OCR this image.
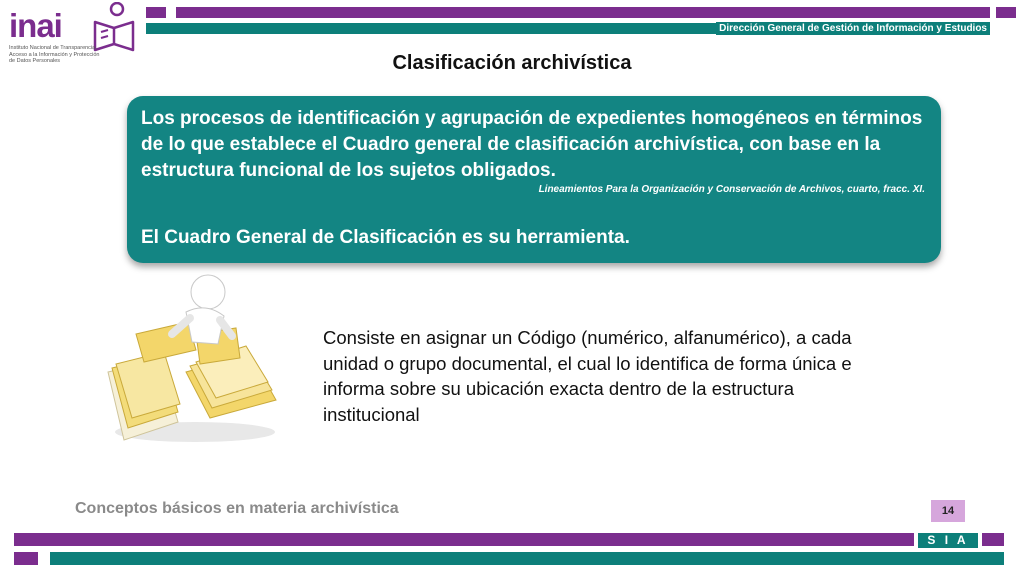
Dirección General de Gestión de Información y Estudios
inai
Instituto Nacional de Transparencia, Acceso a la Información y Protección de Datos Personales	Clasificación archivística
Los procesos de identificación y agrupación de expedientes homogéneos en términos de lo que establece el Cuadro general de clasificación archivística, con base en la estructura funcional de los sujetos obligados.
Lineamientos Para la Organización y Conservación de Archivos, cuarto, fracc. XI.
El Cuadro General de Clasificación es su herramienta.
Consiste en asignar un Código (numérico, alfanumérico), a cada unidad o grupo documental, el cual lo identifica de forma única e informa sobre su ubicación exacta dentro de la estructura institucional
Conceptos básicos en materia archivística	14
S I A
